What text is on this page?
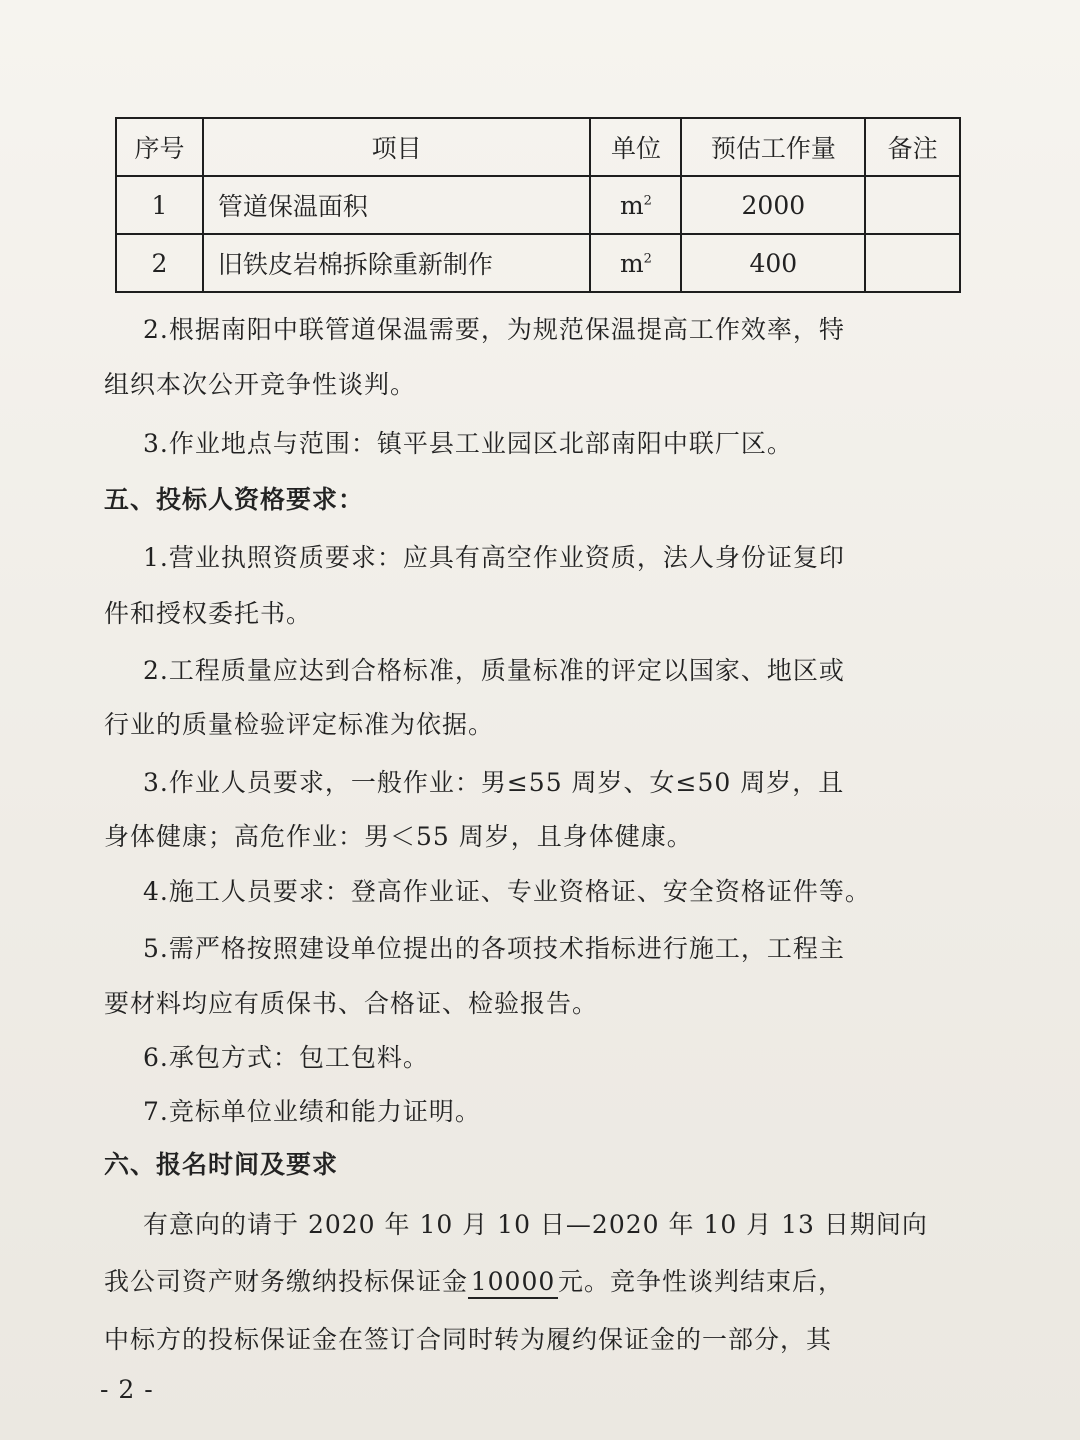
序号	项目	单位	预估工作量	备注
1	管道保温面积	$m^2$	2000	
2	旧铁皮岩棉拆除重新制作	$m^2$	400	
2.根据南阳中联管道保温需要，为规范保温提高工作效率，特
组织本次公开竞争性谈判。
3.作业地点与范围：镇平县工业园区北部南阳中联厂区。
五、投标人资格要求：
1.营业执照资质要求：应具有高空作业资质，法人身份证复印
件和授权委托书。
2.工程质量应达到合格标准，质量标准的评定以国家、地区或
行业的质量检验评定标准为依据。
3.作业人员要求，一般作业：男≤55 周岁、女≤50 周岁，且
身体健康；高危作业：男＜55 周岁，且身体健康。
4.施工人员要求：登高作业证、专业资格证、安全资格证件等。
5.需严格按照建设单位提出的各项技术指标进行施工，工程主
要材料均应有质保书、合格证、检验报告。
6.承包方式：包工包料。
7.竞标单位业绩和能力证明。
六、报名时间及要求
有意向的请于 2020 年 10 月 10 日—2020 年 10 月 13 日期间向
我公司资产财务缴纳投标保证金 10000 元。竞争性谈判结束后，
中标方的投标保证金在签订合同时转为履约保证金的一部分，其
- 2 -
